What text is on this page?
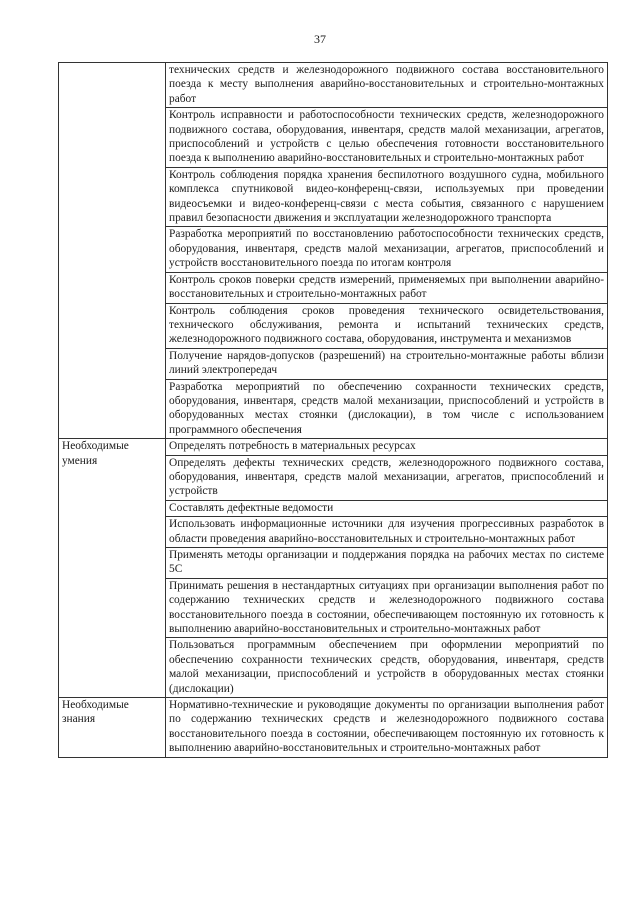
37
	технических средств и железнодорожного подвижного состава восстановительного поезда к месту выполнения аварийно-восстановительных и строительно-монтажных работ
	Контроль исправности и работоспособности технических средств, железнодорожного подвижного состава, оборудования, инвентаря, средств малой механизации, агрегатов, приспособлений и устройств с целью обеспечения готовности восстановительного поезда к выполнению аварийно-восстановительных и строительно-монтажных работ
	Контроль соблюдения порядка хранения беспилотного воздушного судна, мобильного комплекса спутниковой видео-конференц-связи, используемых при проведении видеосъемки и видео-конференц-связи с места события, связанного с нарушением правил безопасности движения и эксплуатации железнодорожного транспорта
	Разработка мероприятий по восстановлению работоспособности технических средств, оборудования, инвентаря, средств малой механизации, агрегатов, приспособлений и устройств восстановительного поезда по итогам контроля
	Контроль сроков поверки средств измерений, применяемых при выполнении аварийно-восстановительных и строительно-монтажных работ
	Контроль соблюдения сроков проведения технического освидетельствования, технического обслуживания, ремонта и испытаний технических средств, железнодорожного подвижного состава, оборудования, инструмента и механизмов
	Получение нарядов-допусков (разрешений) на строительно-монтажные работы вблизи линий электропередач
	Разработка мероприятий по обеспечению сохранности технических средств, оборудования, инвентаря, средств малой механизации, приспособлений и устройств в оборудованных местах стоянки (дислокации), в том числе с использованием программного обеспечения
Необходимые умения	Определять потребность в материальных ресурсах
	Определять дефекты технических средств, железнодорожного подвижного состава, оборудования, инвентаря, средств малой механизации, агрегатов, приспособлений и устройств
	Составлять дефектные ведомости
	Использовать информационные источники для изучения прогрессивных разработок в области проведения аварийно-восстановительных и строительно-монтажных работ
	Применять методы организации и поддержания порядка на рабочих местах по системе 5С
	Принимать решения в нестандартных ситуациях при организации выполнения работ по содержанию технических средств и железнодорожного подвижного состава восстановительного поезда в состоянии, обеспечивающем постоянную их готовность к выполнению аварийно-восстановительных и строительно-монтажных работ
	Пользоваться программным обеспечением при оформлении мероприятий по обеспечению сохранности технических средств, оборудования, инвентаря, средств малой механизации, приспособлений и устройств в оборудованных местах стоянки (дислокации)
Необходимые знания	Нормативно-технические и руководящие документы по организации выполнения работ по содержанию технических средств и железнодорожного подвижного состава восстановительного поезда в состоянии, обеспечивающем постоянную их готовность к выполнению аварийно-восстановительных и строительно-монтажных работ
